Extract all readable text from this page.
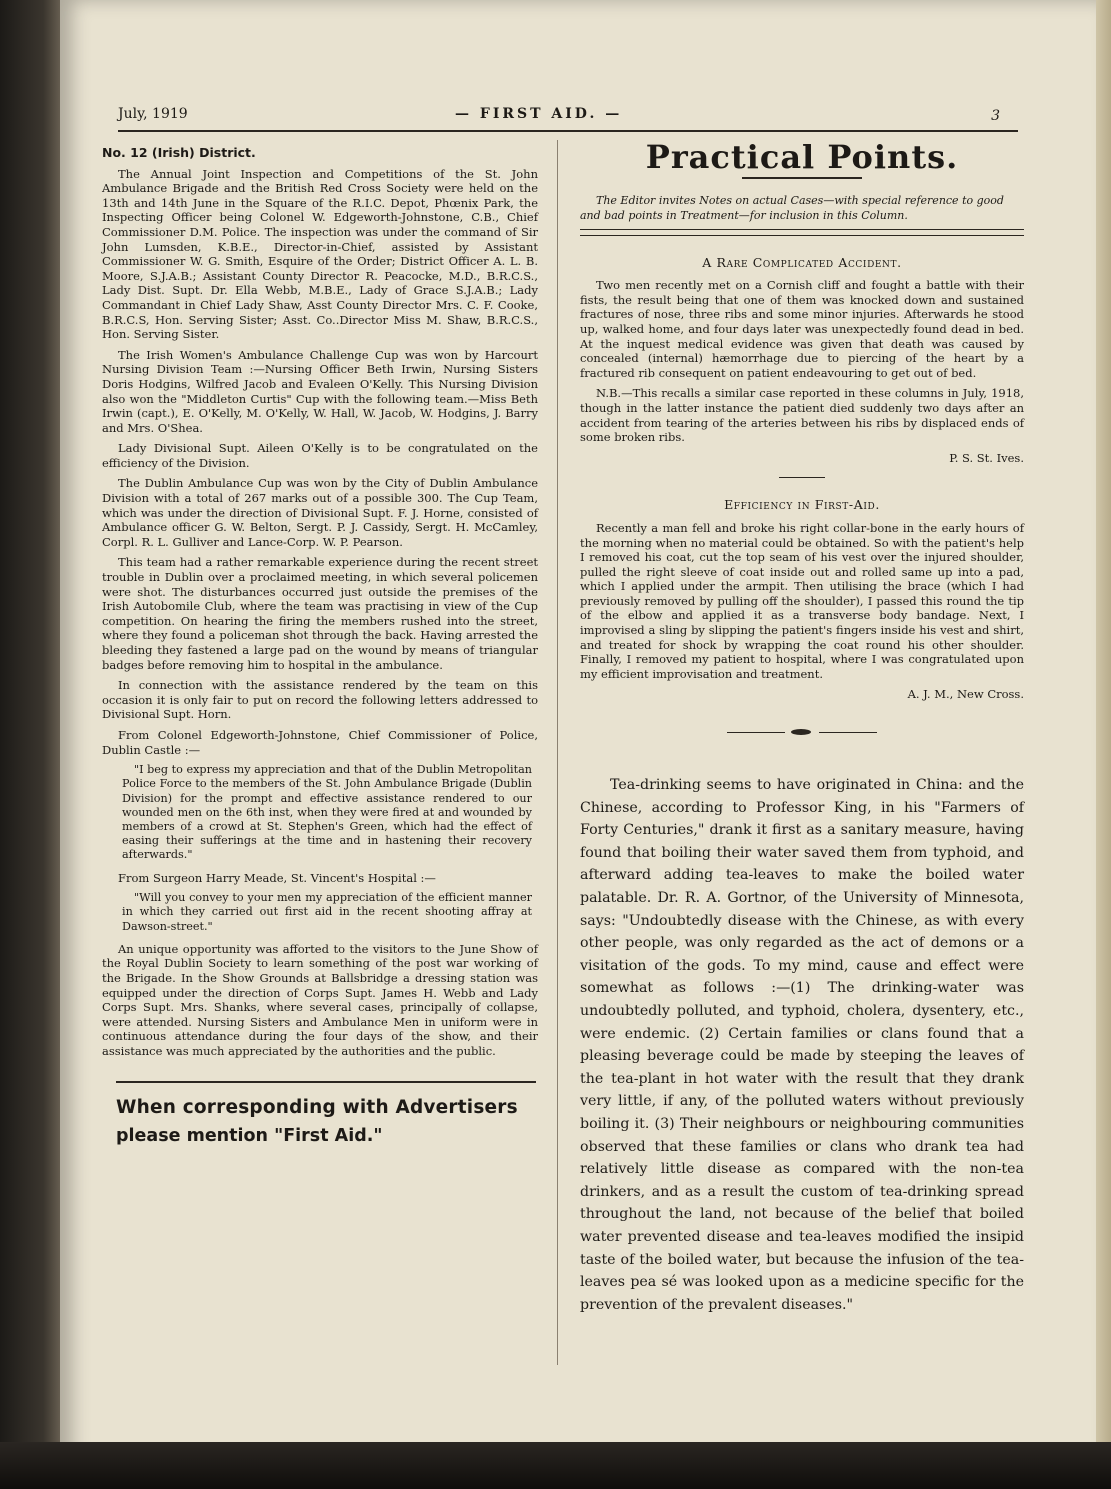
July, 1919	— FIRST AID. —	3
No. 12 (Irish) District.

The Annual Joint Inspection and Competitions of the St. John Ambulance Brigade and the British Red Cross Society were held on the 13th and 14th June in the Square of the R.I.C. Depot, Phœnix Park, the Inspecting Officer being Colonel W. Edgeworth-Johnstone, C.B., Chief Commissioner D.M. Police. The inspection was under the command of Sir John Lumsden, K.B.E., Director-in-Chief, assisted by Assistant Commissioner W. G. Smith, Esquire of the Order; District Officer A. L. B. Moore, S.J.A.B.; Assistant County Director R. Peacocke, M.D., B.R.C.S., Lady Dist. Supt. Dr. Ella Webb, M.B.E., Lady of Grace S.J.A.B.; Lady Commandant in Chief Lady Shaw, Asst County Director Mrs. C. F. Cooke, B.R.C.S, Hon. Serving Sister; Asst. Co..Director Miss M. Shaw, B.R.C.S., Hon. Serving Sister.

The Irish Women's Ambulance Challenge Cup was won by Harcourt Nursing Division Team :—Nursing Officer Beth Irwin, Nursing Sisters Doris Hodgins, Wilfred Jacob and Evaleen O'Kelly. This Nursing Division also won the "Middleton Curtis" Cup with the following team.—Miss Beth Irwin (capt.), E. O'Kelly, M. O'Kelly, W. Hall, W. Jacob, W. Hodgins, J. Barry and Mrs. O'Shea.

Lady Divisional Supt. Aileen O'Kelly is to be congratulated on the efficiency of the Division.

The Dublin Ambulance Cup was won by the City of Dublin Ambulance Division with a total of 267 marks out of a possible 300. The Cup Team, which was under the direction of Divisional Supt. F. J. Horne, consisted of Ambulance officer G. W. Belton, Sergt. P. J. Cassidy, Sergt. H. McCamley, Corpl. R. L. Gulliver and Lance-Corp. W. P. Pearson.

This team had a rather remarkable experience during the recent street trouble in Dublin over a proclaimed meeting, in which several policemen were shot. The disturbances occurred just outside the premises of the Irish Autobomile Club, where the team was practising in view of the Cup competition. On hearing the firing the members rushed into the street, where they found a policeman shot through the back. Having arrested the bleeding they fastened a large pad on the wound by means of triangular badges before removing him to hospital in the ambulance.

In connection with the assistance rendered by the team on this occasion it is only fair to put on record the following letters addressed to Divisional Supt. Horn.

From Colonel Edgeworth-Johnstone, Chief Commissioner of Police, Dublin Castle :—

"I beg to express my appreciation and that of the Dublin Metropolitan Police Force to the members of the St. John Ambulance Brigade (Dublin Division) for the prompt and effective assistance rendered to our wounded men on the 6th inst, when they were fired at and wounded by members of a crowd at St. Stephen's Green, which had the effect of easing their sufferings at the time and in hastening their recovery afterwards."

From Surgeon Harry Meade, St. Vincent's Hospital :—

"Will you convey to your men my appreciation of the efficient manner in which they carried out first aid in the recent shooting affray at Dawson-street."

An unique opportunity was afforted to the visitors to the June Show of the Royal Dublin Society to learn something of the post war working of the Brigade. In the Show Grounds at Ballsbridge a dressing station was equipped under the direction of Corps Supt. James H. Webb and Lady Corps Supt. Mrs. Shanks, where several cases, principally of collapse, were attended. Nursing Sisters and Ambulance Men in uniform were in continuous attendance during the four days of the show, and their assistance was much appreciated by the authorities and the public.

When corresponding with Advertisers
please mention "First Aid."
Practical Points.

The Editor invites Notes on actual Cases—with special reference to good and bad points in Treatment—for inclusion in this Column.

A Rare Complicated Accident.

Two men recently met on a Cornish cliff and fought a battle with their fists, the result being that one of them was knocked down and sustained fractures of nose, three ribs and some minor injuries. Afterwards he stood up, walked home, and four days later was unexpectedly found dead in bed. At the inquest medical evidence was given that death was caused by concealed (internal) hæmorrhage due to piercing of the heart by a fractured rib consequent on patient endeavouring to get out of bed.

N.B.—This recalls a similar case reported in these columns in July, 1918, though in the latter instance the patient died suddenly two days after an accident from tearing of the arteries between his ribs by displaced ends of some broken ribs.

P. S. St. Ives.

Efficiency in First-Aid.

Recently a man fell and broke his right collar-bone in the early hours of the morning when no material could be obtained. So with the patient's help I removed his coat, cut the top seam of his vest over the injured shoulder, pulled the right sleeve of coat inside out and rolled same up into a pad, which I applied under the armpit. Then utilising the brace (which I had previously removed by pulling off the shoulder), I passed this round the tip of the elbow and applied it as a transverse body bandage. Next, I improvised a sling by slipping the patient's fingers inside his vest and shirt, and treated for shock by wrapping the coat round his other shoulder. Finally, I removed my patient to hospital, where I was congratulated upon my efficient improvisation and treatment.

A. J. M., New Cross.

Tea-drinking seems to have originated in China: and the Chinese, according to Professor King, in his "Farmers of Forty Centuries," drank it first as a sanitary measure, having found that boiling their water saved them from typhoid, and afterward adding tea-leaves to make the boiled water palatable. Dr. R. A. Gortnor, of the University of Minnesota, says: "Undoubtedly disease with the Chinese, as with every other people, was only regarded as the act of demons or a visitation of the gods. To my mind, cause and effect were somewhat as follows :—(1) The drinking-water was undoubtedly polluted, and typhoid, cholera, dysentery, etc., were endemic. (2) Certain families or clans found that a pleasing beverage could be made by steeping the leaves of the tea-plant in hot water with the result that they drank very little, if any, of the polluted waters without previously boiling it. (3) Their neighbours or neighbouring communities observed that these families or clans who drank tea had relatively little disease as compared with the non-tea drinkers, and as a result the custom of tea-drinking spread throughout the land, not because of the belief that boiled water prevented disease and tea-leaves modified the insipid taste of the boiled water, but because the infusion of the tea-leaves pea sé was looked upon as a medicine specific for the prevention of the prevalent diseases."
